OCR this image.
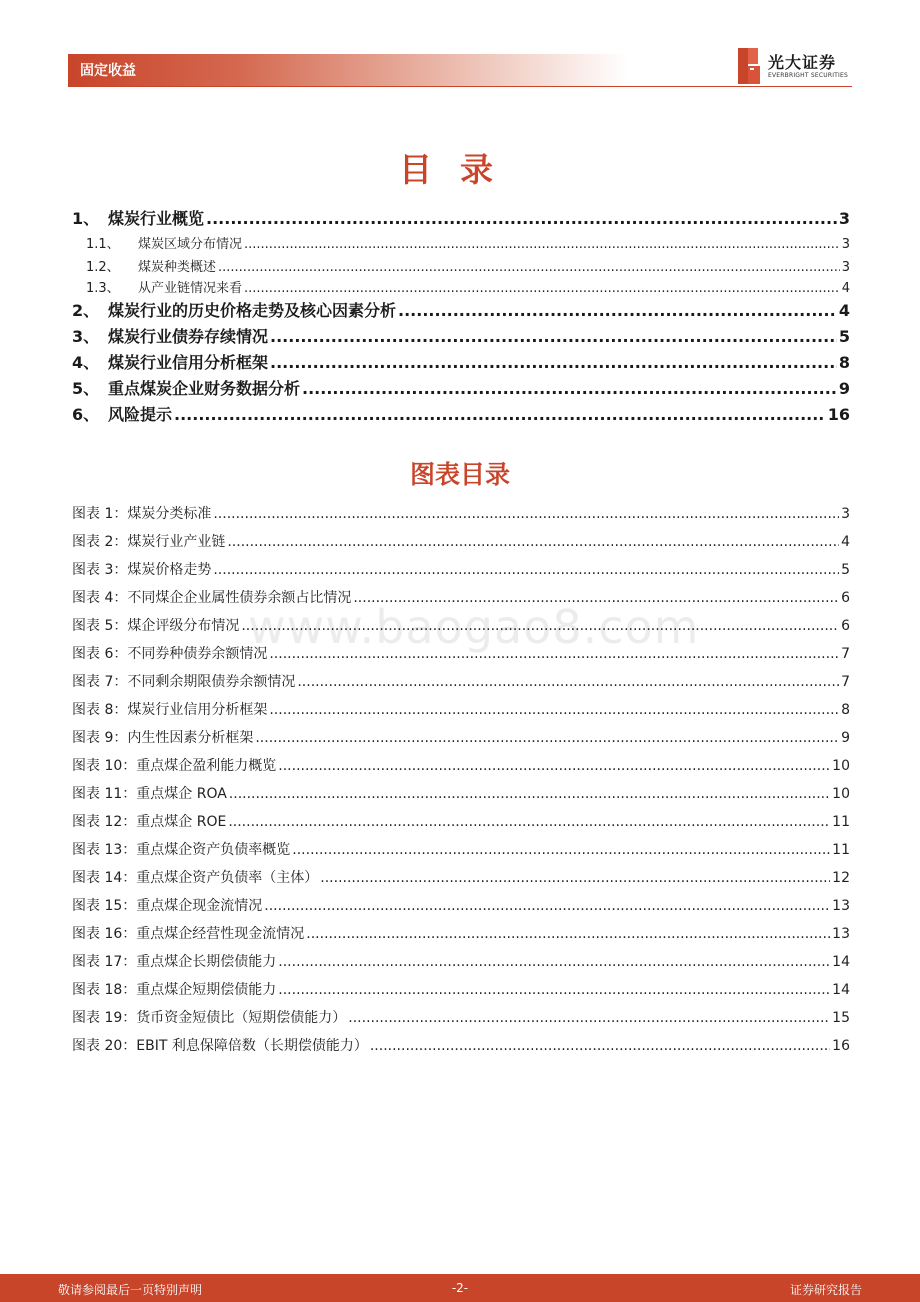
固定收益	光大证券
EVERBRIGHT SECURITIES
目录
1、 煤炭行业概览 .....	3
1.1、 煤炭区域分布情况 .....	3
1.2、 煤炭种类概述 .....	3
1.3、 从产业链情况来看 .....	4
2、 煤炭行业的历史价格走势及核心因素分析 .....	4
3、 煤炭行业债券存续情况 .....	5
4、 煤炭行业信用分析框架 .....	8
5、 重点煤炭企业财务数据分析 .....	9
6、 风险提示 .....	16
图表目录
www.baogao8.com
图表 1：煤炭分类标准 .....	3
图表 2：煤炭行业产业链 .....	4
图表 3：煤炭价格走势 .....	5
图表 4：不同煤企企业属性债券余额占比情况 .....	6
图表 5：煤企评级分布情况 .....	6
图表 6：不同券种债券余额情况 .....	7
图表 7：不同剩余期限债券余额情况 .....	7
图表 8：煤炭行业信用分析框架 .....	8
图表 9：内生性因素分析框架 .....	9
图表 10：重点煤企盈利能力概览 .....	10
图表 11：重点煤企 ROA .....	10
图表 12：重点煤企 ROE .....	11
图表 13：重点煤企资产负债率概览 .....	11
图表 14：重点煤企资产负债率（主体） .....	12
图表 15：重点煤企现金流情况 .....	13
图表 16：重点煤企经营性现金流情况 .....	13
图表 17：重点煤企长期偿债能力 .....	14
图表 18：重点煤企短期偿债能力 .....	14
图表 19：货币资金短债比（短期偿债能力） .....	15
图表 20：EBIT 利息保障倍数（长期偿债能力） .....	16
敬请参阅最后一页特别声明	-2-	证券研究报告
